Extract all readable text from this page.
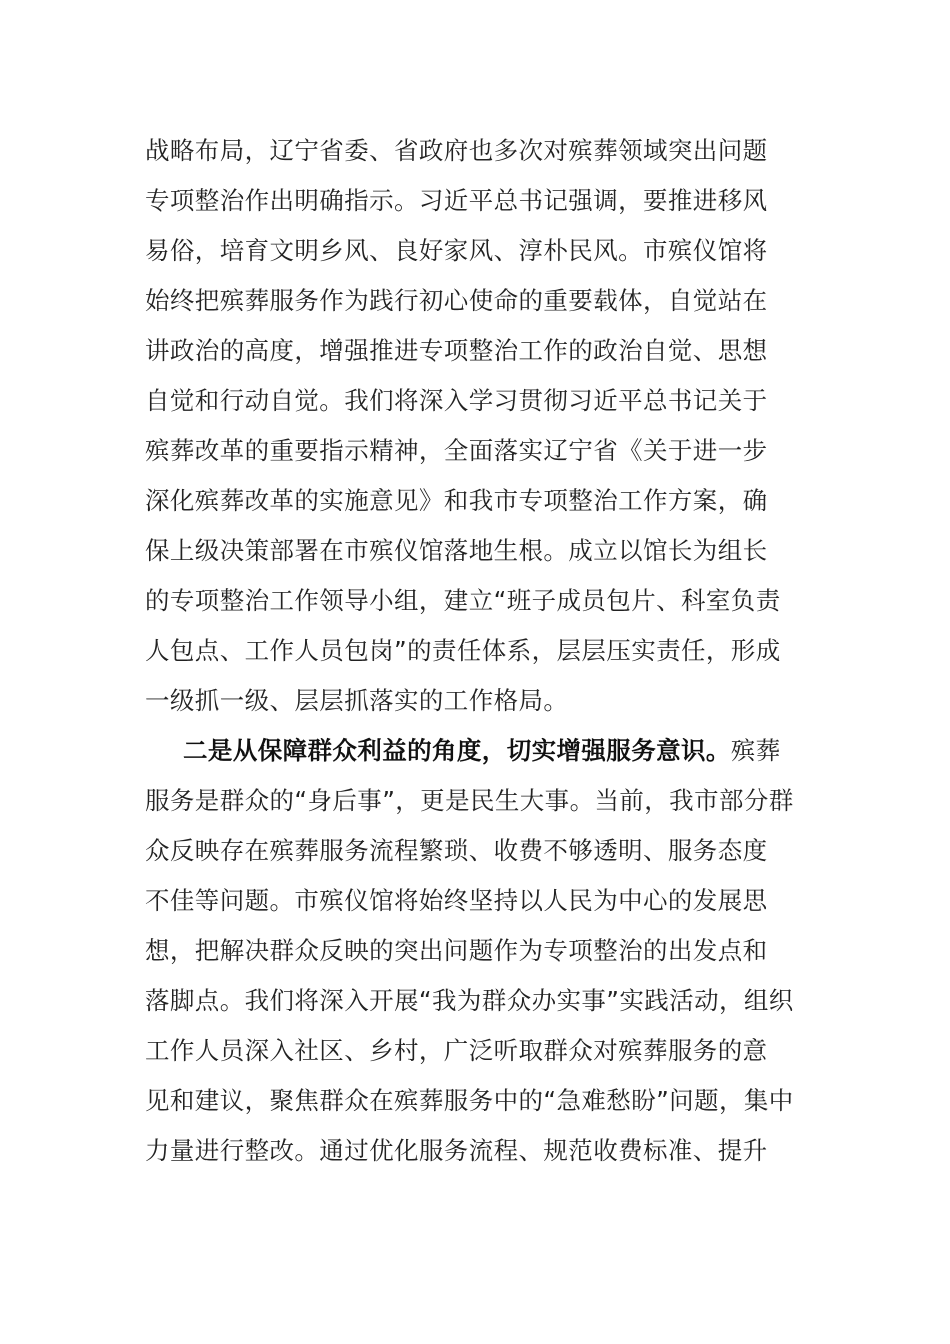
战略布局，辽宁省委、省政府也多次对殡葬领域突出问题
专项整治作出明确指示。习近平总书记强调，要推进移风
易俗，培育文明乡风、良好家风、淳朴民风。市殡仪馆将
始终把殡葬服务作为践行初心使命的重要载体，自觉站在
讲政治的高度，增强推进专项整治工作的政治自觉、思想
自觉和行动自觉。我们将深入学习贯彻习近平总书记关于
殡葬改革的重要指示精神，全面落实辽宁省《关于进一步
深化殡葬改革的实施意见》和我市专项整治工作方案，确
保上级决策部署在市殡仪馆落地生根。成立以馆长为组长
的专项整治工作领导小组，建立“班子成员包片、科室负责
人包点、工作人员包岗”的责任体系，层层压实责任，形成
一级抓一级、层层抓落实的工作格局。
二是从保障群众利益的角度，切实增强服务意识。殡葬
服务是群众的“身后事”，更是民生大事。当前，我市部分群
众反映存在殡葬服务流程繁琐、收费不够透明、服务态度
不佳等问题。市殡仪馆将始终坚持以人民为中心的发展思
想，把解决群众反映的突出问题作为专项整治的出发点和
落脚点。我们将深入开展“我为群众办实事”实践活动，组织
工作人员深入社区、乡村，广泛听取群众对殡葬服务的意
见和建议，聚焦群众在殡葬服务中的“急难愁盼”问题，集中
力量进行整改。通过优化服务流程、规范收费标准、提升
